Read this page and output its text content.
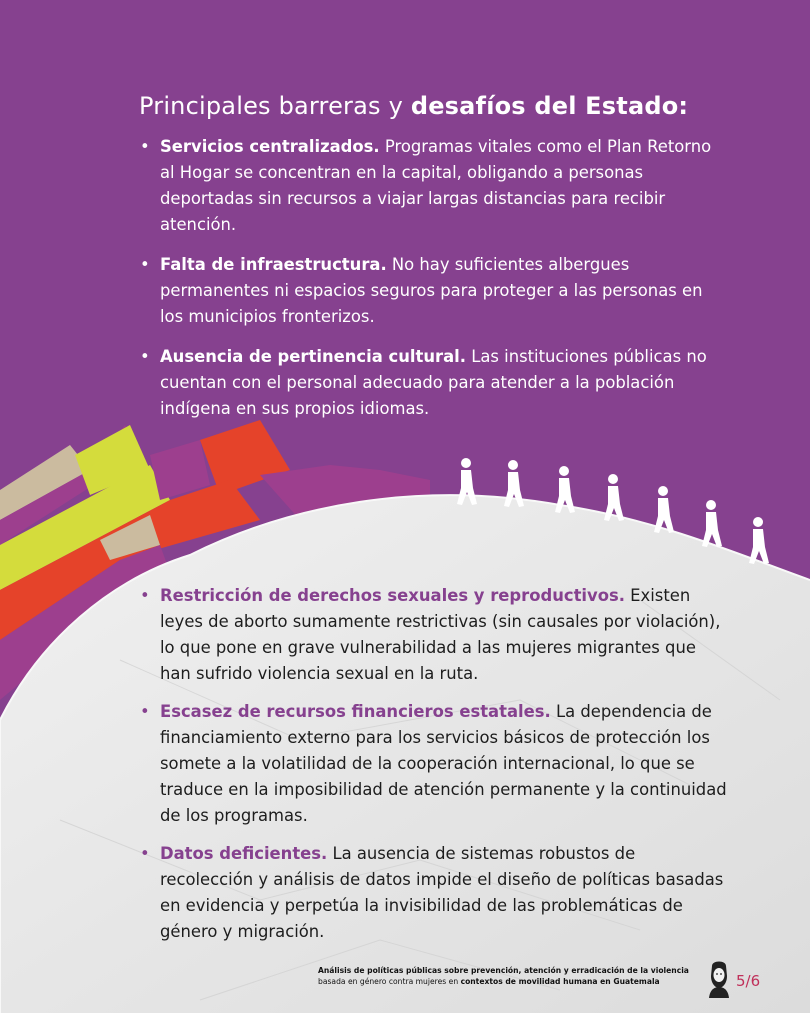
Principales barreras y desafíos del Estado:
• Servicios centralizados. Programas vitales como el Plan Retorno al Hogar se concentran en la capital, obligando a personas deportadas sin recursos a viajar largas distancias para recibir atención.
• Falta de infraestructura. No hay suficientes albergues permanentes ni espacios seguros para proteger a las personas en los municipios fronterizos.
• Ausencia de pertinencia cultural. Las instituciones públicas no cuentan con el personal adecuado para atender a la población indígena en sus propios idiomas.
• Restricción de derechos sexuales y reproductivos. Existen leyes de aborto sumamente restrictivas (sin causales por violación), lo que pone en grave vulnerabilidad a las mujeres migrantes que han sufrido violencia sexual en la ruta.
• Escasez de recursos financieros estatales. La dependencia de financiamiento externo para los servicios básicos de protección los somete a la volatilidad de la cooperación internacional, lo que se traduce en la imposibilidad de atención permanente y la continuidad de los programas.
• Datos deficientes. La ausencia de sistemas robustos de recolección y análisis de datos impide el diseño de políticas basadas en evidencia y perpetúa la invisibilidad de las problemáticas de género y migración.
Análisis de políticas públicas sobre prevención, atención y erradicación de la violencia
basada en género contra mujeres en contextos de movilidad humana en Guatemala	5/6
